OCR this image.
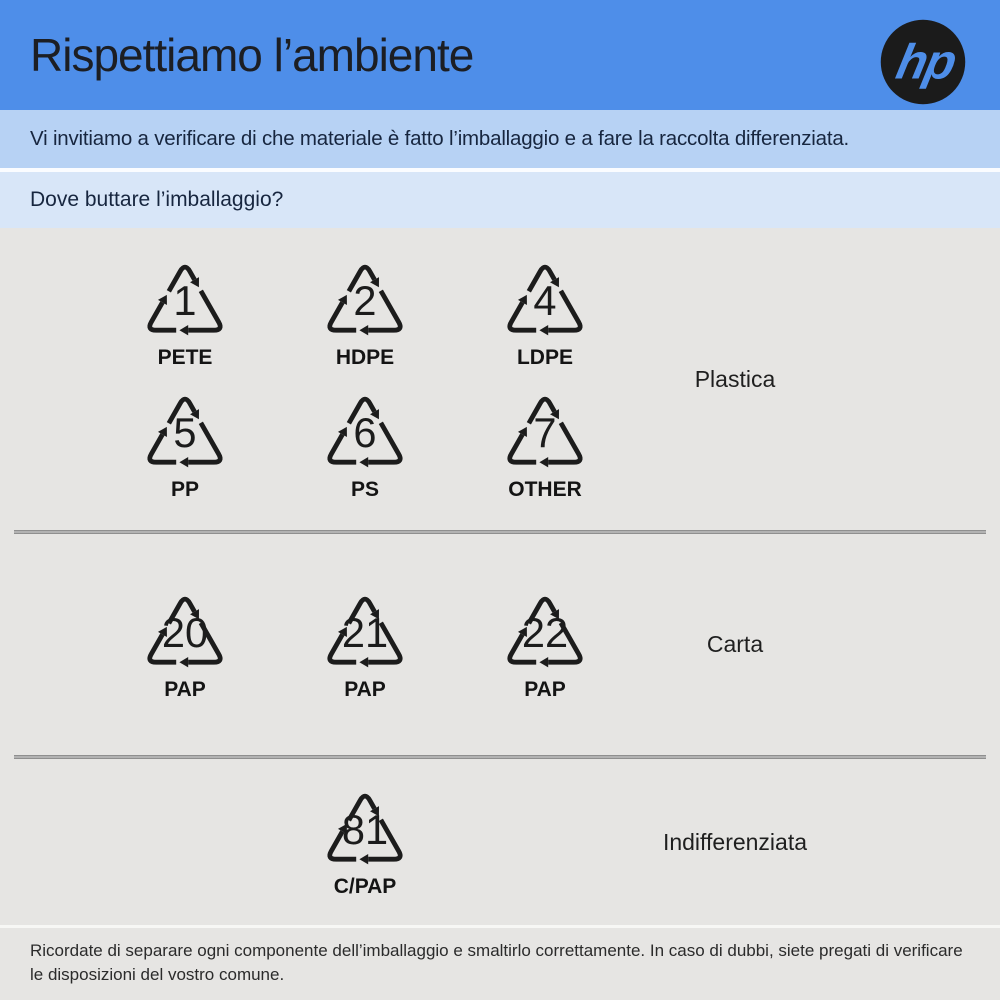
Rispettiamo l’ambiente	hp
Vi invitiamo a verificare di che materiale è fatto l’imballaggio e a fare la raccolta differenziata.
Dove buttare l’imballaggio?
1
PETE
2
HDPE
4
LDPE
5
PP
6
PS
7
OTHER
Plastica
20
PAP
21
PAP
22
PAP
Carta
81
C/PAP
Indifferenziata
Ricordate di separare ogni componente dell’imballaggio e smaltirlo correttamente. In caso di dubbi, siete pregati di verificare le disposizioni del vostro comune.
